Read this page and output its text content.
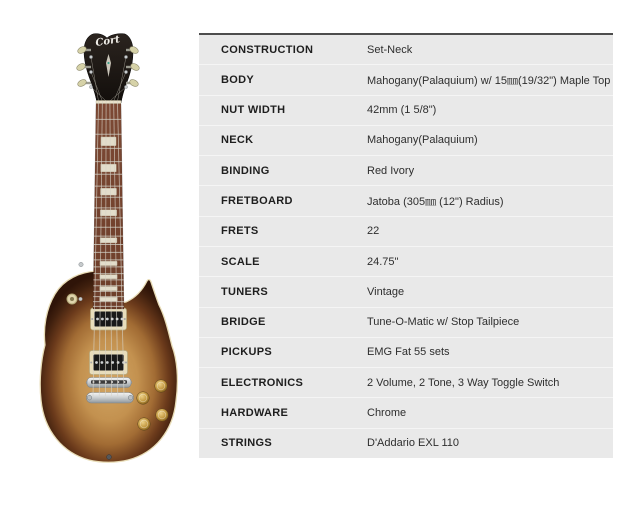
Cort
CONSTRUCTION	Set-Neck
BODY	Mahogany(Palaquium) w/ 15㎜(19/32") Maple Top
NUT WIDTH	42mm (1 5/8")
NECK	Mahogany(Palaquium)
BINDING	Red Ivory
FRETBOARD	Jatoba (305㎜ (12") Radius)
FRETS	22
SCALE	24.75"
TUNERS	Vintage
BRIDGE	Tune-O-Matic w/ Stop Tailpiece
PICKUPS	EMG Fat 55 sets
ELECTRONICS	2 Volume, 2 Tone, 3 Way Toggle Switch
HARDWARE	Chrome
STRINGS	D'Addario EXL 110
